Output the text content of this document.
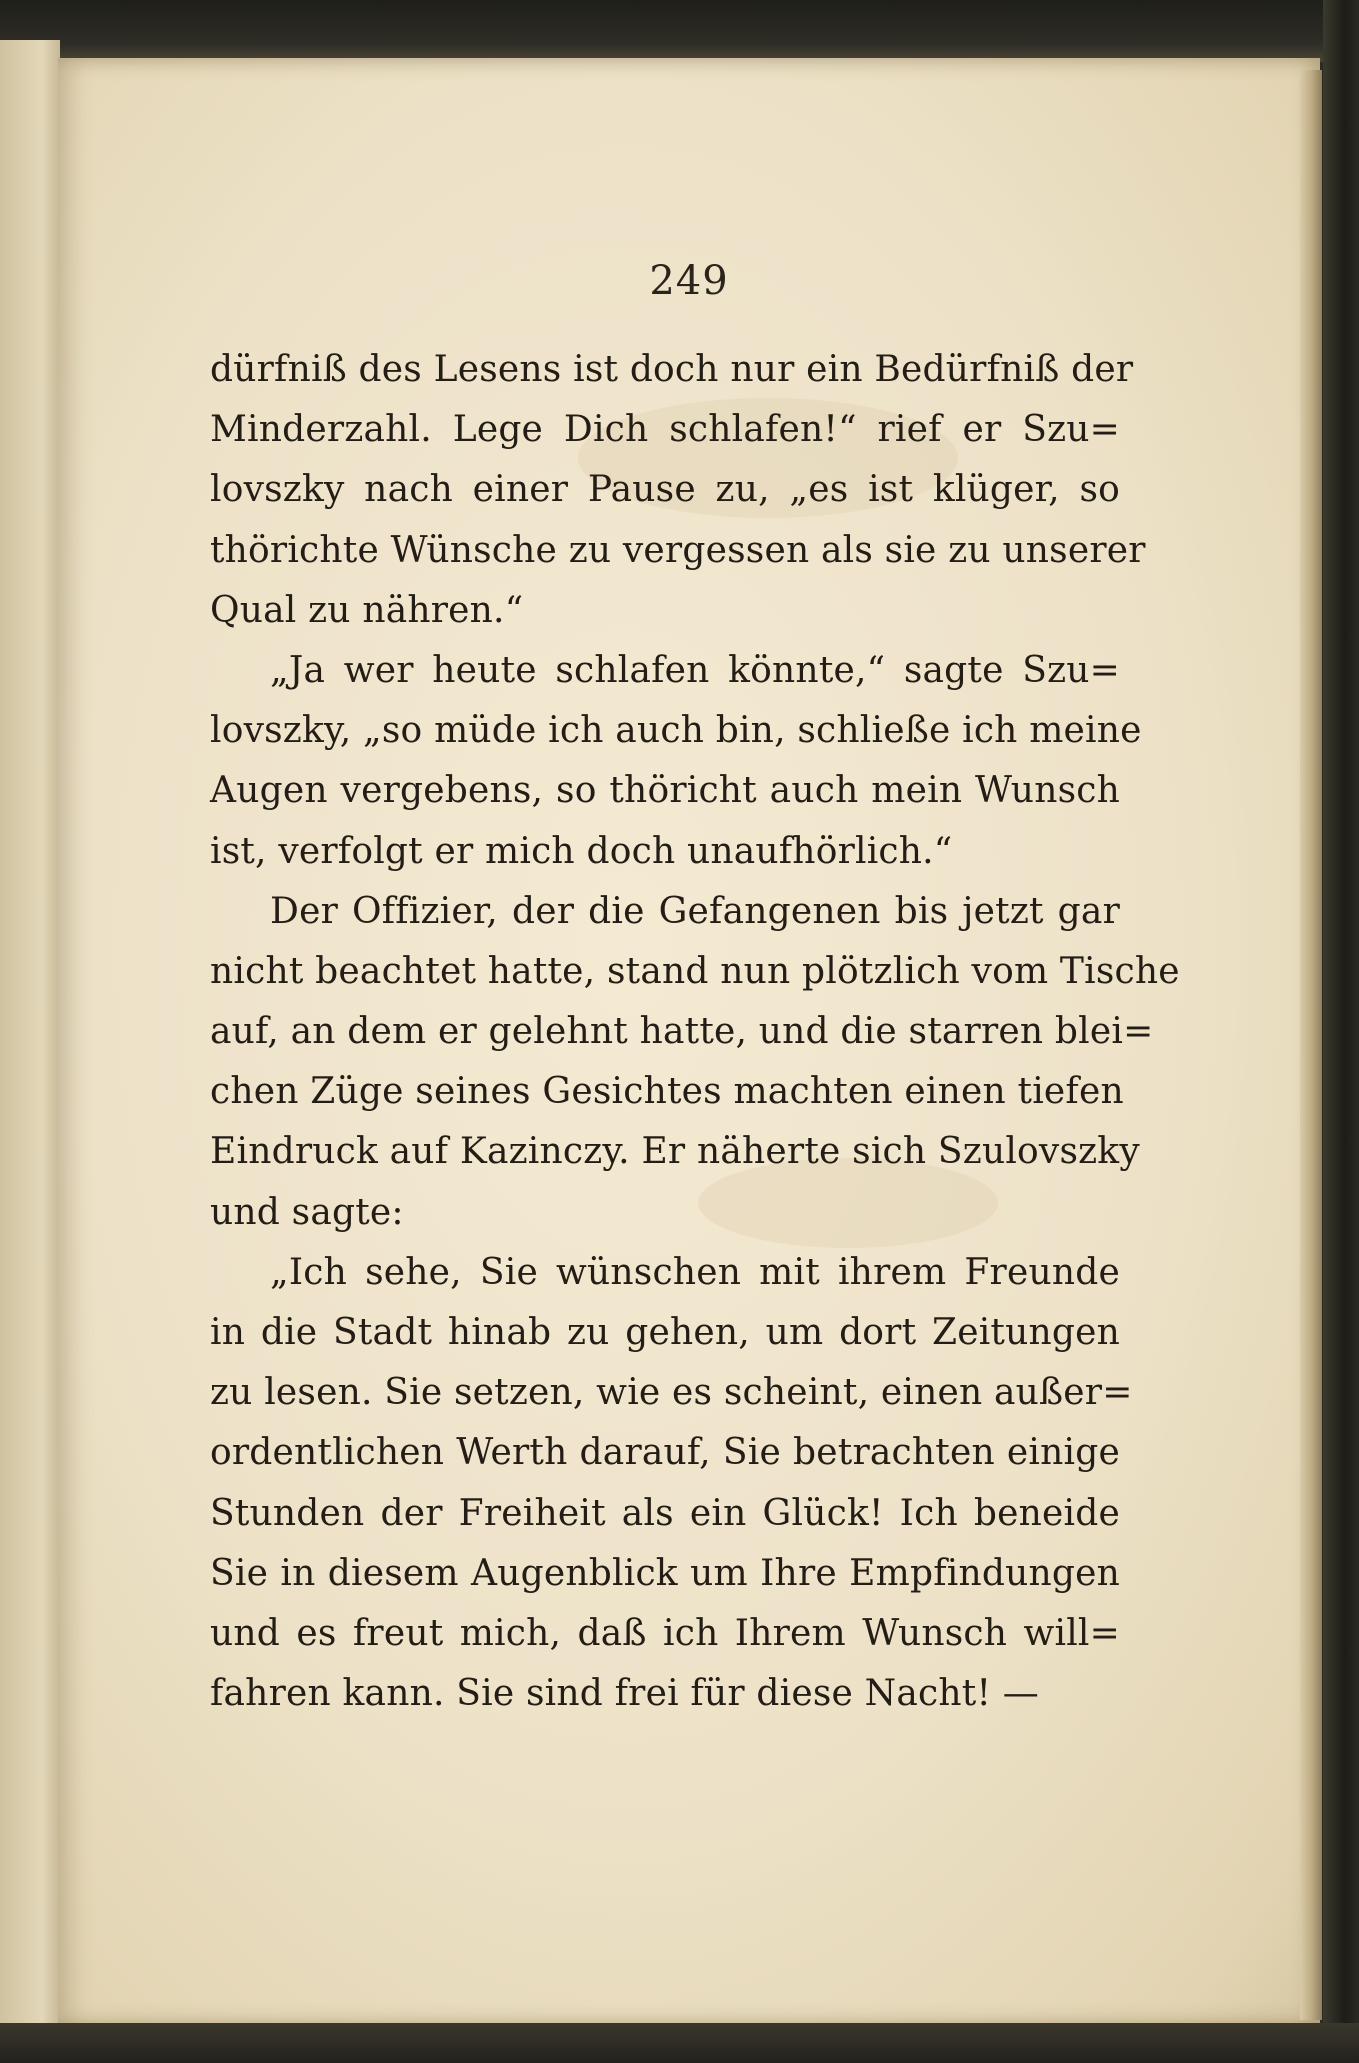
249
dürfniß des Lesens ist doch nur ein Bedürfniß der
Minderzahl. Lege Dich schlafen!“ rief er Szu=
lovszky nach einer Pause zu, „es ist klüger, so
thörichte Wünsche zu vergessen als sie zu unserer
Qual zu nähren.“
„Ja wer heute schlafen könnte,“ sagte Szu=
lovszky, „so müde ich auch bin, schließe ich meine
Augen vergebens, so thöricht auch mein Wunsch
ist, verfolgt er mich doch unaufhörlich.“
Der Offizier, der die Gefangenen bis jetzt gar
nicht beachtet hatte, stand nun plötzlich vom Tische
auf, an dem er gelehnt hatte, und die starren blei=
chen Züge seines Gesichtes machten einen tiefen
Eindruck auf Kazinczy. Er näherte sich Szulovszky
und sagte:
„Ich sehe, Sie wünschen mit ihrem Freunde
in die Stadt hinab zu gehen, um dort Zeitungen
zu lesen. Sie setzen, wie es scheint, einen außer=
ordentlichen Werth darauf, Sie betrachten einige
Stunden der Freiheit als ein Glück! Ich beneide
Sie in diesem Augenblick um Ihre Empfindungen
und es freut mich, daß ich Ihrem Wunsch will=
fahren kann. Sie sind frei für diese Nacht! —
